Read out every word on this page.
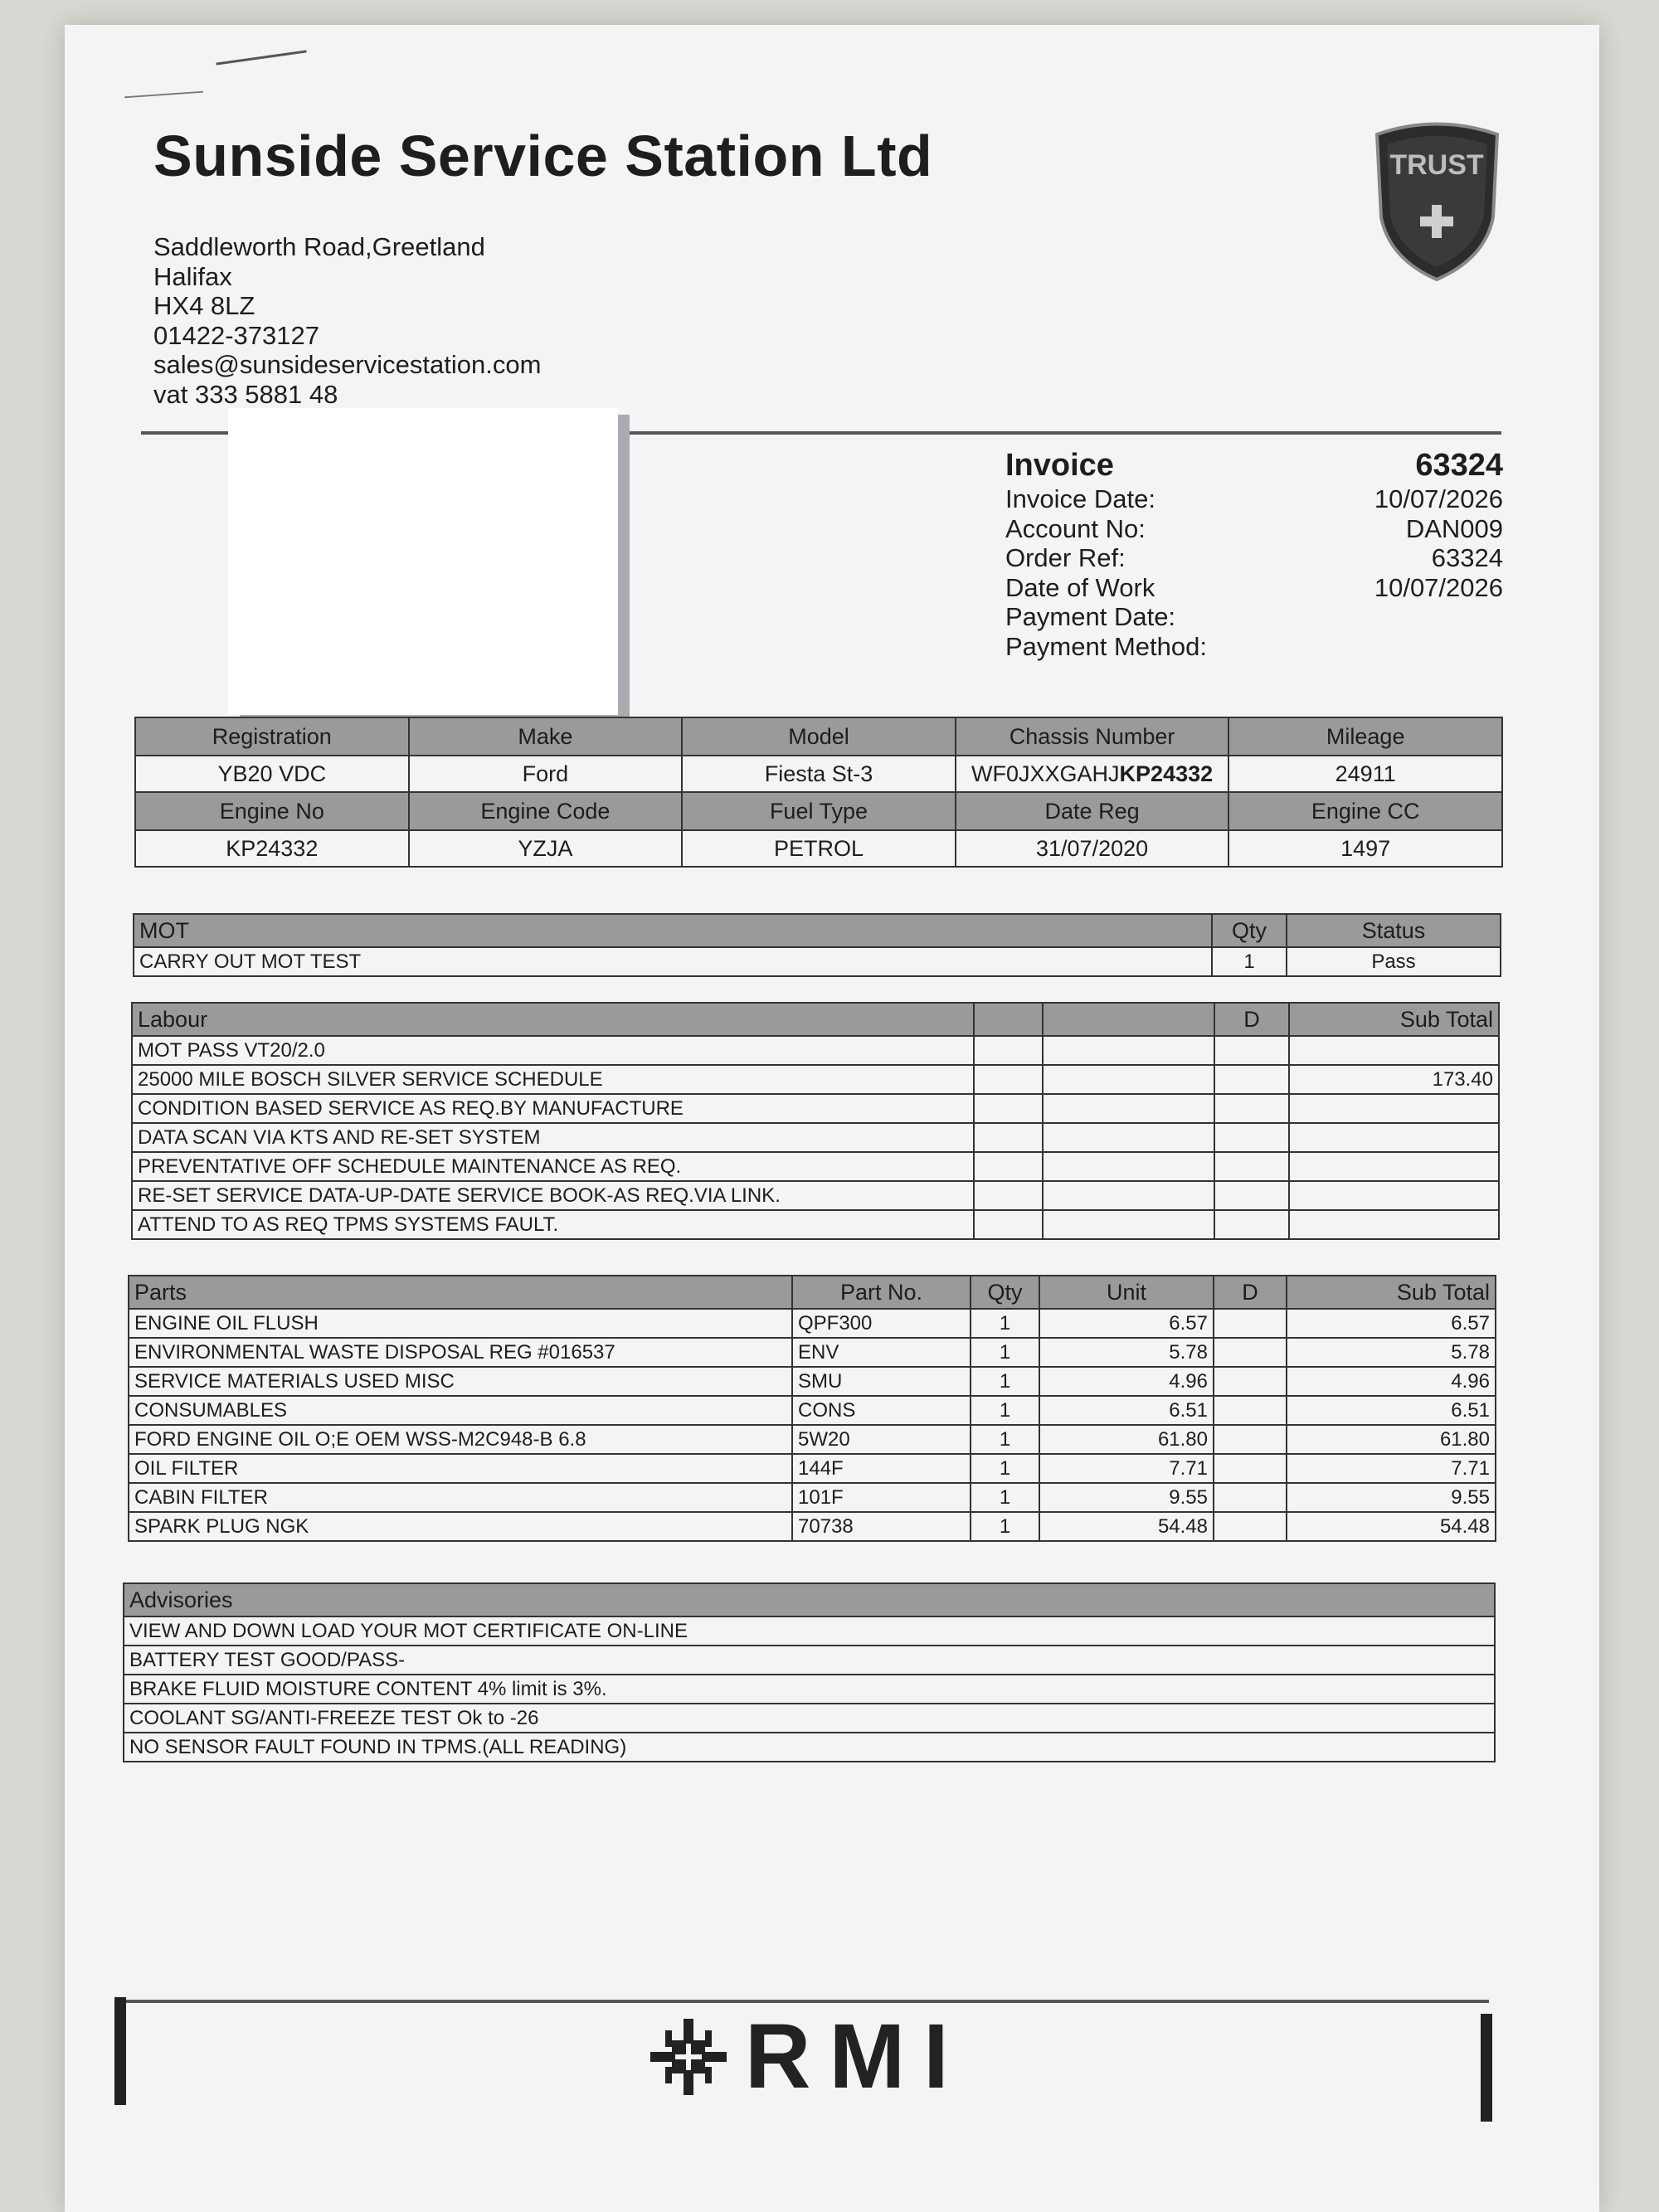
Sunside Service Station Ltd
Saddleworth Road,Greetland
Halifax
HX4 8LZ
01422-373127
sales@sunsideservicestation.com
vat 333 5881 48
TRUST
Invoice	63324
Invoice Date:	10/07/2026
Account No:	DAN009
Order Ref:	63324
Date of Work	10/07/2026
Payment Date:
Payment Method:
Registration	Make	Model	Chassis Number	Mileage
YB20 VDC	Ford	Fiesta St-3	WF0JXXGAHJKP24332	24911
Engine No	Engine Code	Fuel Type	Date Reg	Engine CC
KP24332	YZJA	PETROL	31/07/2020	1497
MOT	Qty	Status
CARRY OUT MOT TEST	1	Pass
Labour			D	Sub Total
MOT PASS VT20/2.0				
25000 MILE BOSCH SILVER SERVICE SCHEDULE				173.40
CONDITION BASED SERVICE AS REQ.BY MANUFACTURE				
DATA SCAN VIA KTS AND RE-SET SYSTEM				
PREVENTATIVE OFF SCHEDULE MAINTENANCE AS REQ.				
RE-SET SERVICE DATA-UP-DATE SERVICE BOOK-AS REQ.VIA LINK.				
ATTEND TO AS REQ TPMS SYSTEMS FAULT.				
Parts	Part No.	Qty	Unit	D	Sub Total
ENGINE OIL FLUSH	QPF300	1	6.57		6.57
ENVIRONMENTAL WASTE DISPOSAL REG #016537	ENV	1	5.78		5.78
SERVICE MATERIALS USED MISC	SMU	1	4.96		4.96
CONSUMABLES	CONS	1	6.51		6.51
FORD ENGINE OIL O;E OEM WSS-M2C948-B 6.8	5W20	1	61.80		61.80
OIL FILTER	144F	1	7.71		7.71
CABIN FILTER	101F	1	9.55		9.55
SPARK PLUG NGK	70738	1	54.48		54.48
Advisories
VIEW AND DOWN LOAD YOUR MOT CERTIFICATE ON-LINE
BATTERY TEST GOOD/PASS-
BRAKE FLUID MOISTURE CONTENT 4% limit is 3%.
COOLANT SG/ANTI-FREEZE TEST Ok to -26
NO SENSOR FAULT FOUND IN TPMS.(ALL READING)
RMI
